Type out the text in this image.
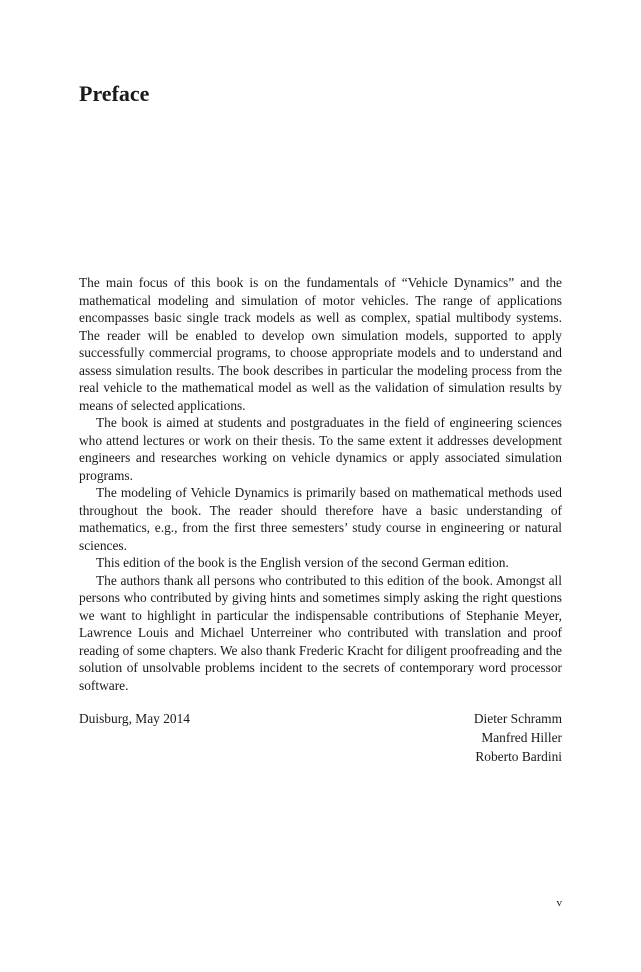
Preface

The main focus of this book is on the fundamentals of “Vehicle Dynamics” and the mathematical modeling and simulation of motor vehicles. The range of applications encompasses basic single track models as well as complex, spatial multibody systems. The reader will be enabled to develop own simulation models, supported to apply successfully commercial programs, to choose appropriate models and to understand and assess simulation results. The book describes in particular the modeling process from the real vehicle to the mathematical model as well as the validation of simulation results by means of selected applications.

The book is aimed at students and postgraduates in the field of engineering sciences who attend lectures or work on their thesis. To the same extent it addresses development engineers and researches working on vehicle dynamics or apply associated simulation programs.

The modeling of Vehicle Dynamics is primarily based on mathematical methods used throughout the book. The reader should therefore have a basic understanding of mathematics, e.g., from the first three semesters’ study course in engineering or natural sciences.

This edition of the book is the English version of the second German edition.

The authors thank all persons who contributed to this edition of the book. Amongst all persons who contributed by giving hints and sometimes simply asking the right questions we want to highlight in particular the indispensable contributions of Stephanie Meyer, Lawrence Louis and Michael Unterreiner who contributed with translation and proof reading of some chapters. We also thank Frederic Kracht for diligent proofreading and the solution of unsolvable problems incident to the secrets of contemporary word processor software.

Duisburg, May 2014	Dieter Schramm
Manfred Hiller
Roberto Bardini
v
